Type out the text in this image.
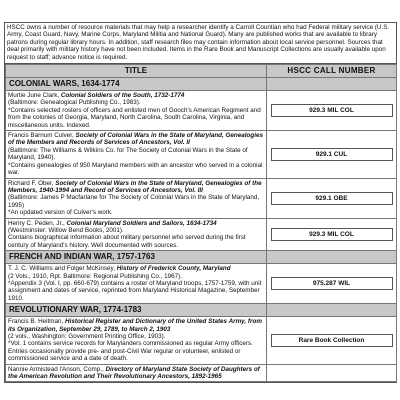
HSCC owns a number of resource materials that may help a researcher identify a Carroll Countian who had Federal military service (U.S. Army, Coast Guard, Navy, Marine Corps, Maryland Militia and National Guard). Many are published works that are available to library patrons during regular library hours. In addition, staff research files may contain information about local service personnel. Sources that deal primarily with military history have not been included. Items in the Rare Book and Manuscript Collections are usually available upon request to staff; advance notice is required.
TITLE	HSCC CALL NUMBER
COLONIAL WARS, 1634-1774	
Murtie June Clark, Colonial Soldiers of the South, 1732-1774
(Baltimore: Genealogical Publishing Co., 1983).
*Contains selected rosters of officers and enlisted men of Gooch's American Regiment and from the colonies of Georgia, Maryland, North Carolina, South Carolina, Virginia, and miscellaneous units. Indexed.	929.3 MIL COL
Francis Barnum Culver, Society of Colonial Wars in the State of Maryland, Genealogies of the Members and Records of Services of Ancestors, Vol. II
(Baltimore: The Williams & Wilkins Co. for The Society of Colonial Wars in the State of Maryland, 1940).
*Contains genealogies of 950 Maryland members with an ancestor who served in a colonial war.	929.1 CUL
Richard F. Ober, Society of Colonial Wars in the State of Maryland, Genealogies of the Members, 1940-1994 and Record of Services of Ancestors, Vol. III
(Baltimore: James P Macfarlane for The Society of Colonial Wars in the State of Maryland, 1995)
*An updated version of Culver's work.	929.1 OBE
Henry C. Peden, Jr., Colonial Maryland Soldiers and Sailors, 1634-1734
(Westminster: Willow Bend Books, 2001).
Contains biographical information about military personnel who served during the first century of Maryland's history. Well documented with sources.	929.3 MIL COL
FRENCH AND INDIAN WAR, 1757-1763	
T. J. C. Williams and Folger McKinsey, History of Frederick County, Maryland
(2 Vols., 1910, Rpt. Baltimore: Regional Publishing Co., 1967).
*Appendix 3 (Vol. I, pp. 660-679) contains a roster of Maryland troops, 1757-1759, with unit assignment and dates of service, reprinted from Maryland Historical Magazine, September 1910.	975.287 WIL
REVOLUTIONARY WAR, 1774-1783	
Francis B. Heitman, Historical Register and Dictionary of the United States Army, from its Organization, September 29, 1789, to March 2, 1903
(2 vols., Washington: Government Printing Office, 1903).
*Vol. 1 contains service records for Marylanders commissioned as regular Army officers. Entries occasionally provide pre- and post-Civil War regular or volunteer, enlisted or commissioned service and a date of death.	Rare Book Collection
Nannie Armistead l'Anson, Comp., Directory of Maryland State Society of Daughters of the American Revolution and Their Revolutionary Ancestors, 1892-1965	
